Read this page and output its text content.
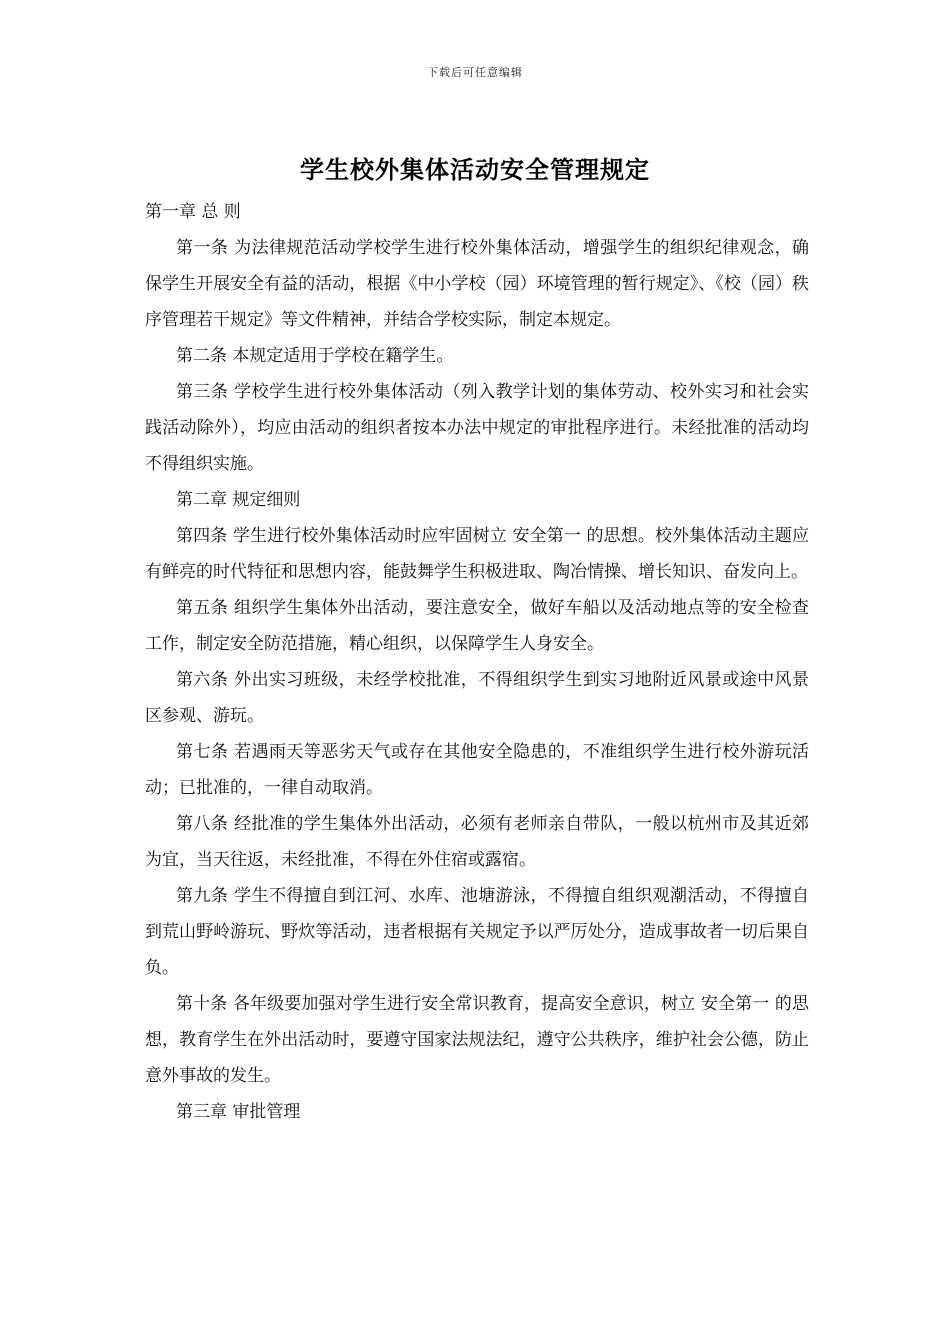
下载后可任意编辑
学生校外集体活动安全管理规定

第一章 总 则

第一条 为法律规范活动学校学生进行校外集体活动，增强学生的组织纪律观念，确保学生开展安全有益的活动，根据《中小学校（园）环境管理的暂行规定》、《校（园）秩序管理若干规定》等文件精神，并结合学校实际，制定本规定。

第二条 本规定适用于学校在籍学生。

第三条 学校学生进行校外集体活动（列入教学计划的集体劳动、校外实习和社会实践活动除外），均应由活动的组织者按本办法中规定的审批程序进行。未经批准的活动均不得组织实施。

第二章 规定细则

第四条 学生进行校外集体活动时应牢固树立 安全第一 的思想。校外集体活动主题应有鲜亮的时代特征和思想内容，能鼓舞学生积极进取、陶冶情操、增长知识、奋发向上。

第五条 组织学生集体外出活动，要注意安全，做好车船以及活动地点等的安全检查工作，制定安全防范措施，精心组织，以保障学生人身安全。

第六条 外出实习班级，未经学校批准，不得组织学生到实习地附近风景或途中风景区参观、游玩。

第七条 若遇雨天等恶劣天气或存在其他安全隐患的，不准组织学生进行校外游玩活动；已批准的，一律自动取消。

第八条 经批准的学生集体外出活动，必须有老师亲自带队，一般以杭州市及其近郊为宜，当天往返，未经批准，不得在外住宿或露宿。

第九条 学生不得擅自到江河、水库、池塘游泳，不得擅自组织观潮活动，不得擅自到荒山野岭游玩、野炊等活动，违者根据有关规定予以严厉处分，造成事故者一切后果自负。

第十条 各年级要加强对学生进行安全常识教育，提高安全意识，树立 安全第一 的思想，教育学生在外出活动时，要遵守国家法规法纪，遵守公共秩序，维护社会公德，防止意外事故的发生。

第三章 审批管理
